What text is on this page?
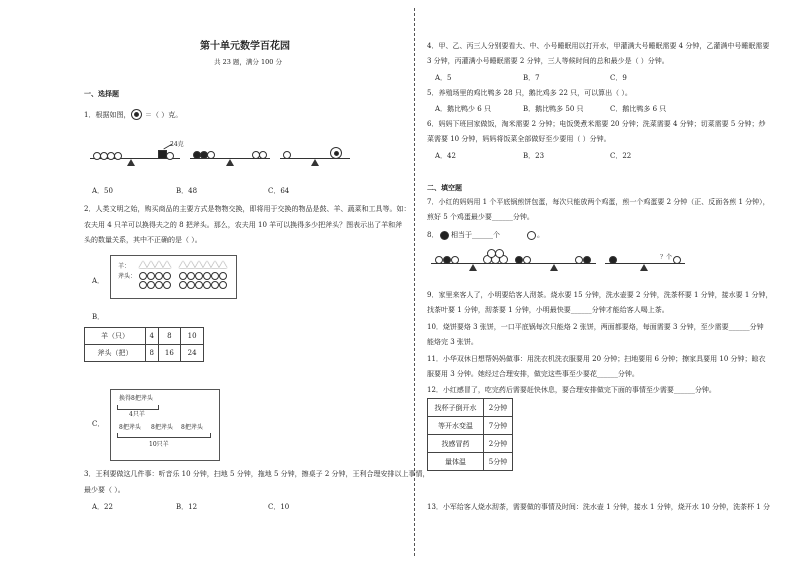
第十单元数学百花园
共 23 题，满分 100 分
一、选择题
1．根据如图， ＝（ ）克。
24克
A．50	B．48	C．64
2．人类文明之始，购买商品的主要方式是物物交换，即将用于交换的物品是鼓、羊、蔬菜和工具等。如：
农夫用 4 只羊可以换得夫之的 8 把斧头。那么，农夫用 10 羊可以换得多少把斧头？图表示出了羊和斧
头的数量关系，其中不正确的是（ ）。
A．
羊：
斧头：
B．
羊（只）	4	8	10
斧头（把）	8	16	24
C．
换得8把斧头
4只羊
8把斧头 8把斧头 8把斧头
10只羊
3．王利要做这几件事：听音乐 10 分钟，扫地 5 分钟，拖地 5 分钟，擦桌子 2 分钟，王利合理安排以上事情，
最少要（ ）。
A．22	B．12	C．10
4．甲、乙、丙三人分别要看大、中、小号睡眠用以打开水，甲灌满大号睡眠需要 4 分钟，乙灌满中号睡眠需要
3 分钟，丙灌满小号睡眠需要 2 分钟，三人等候时间的总和最少是（ ）分钟。
A．5	B．7	C．9
5．养殖场里的鸡比鸭多 28 只，鹅比鸡多 22 只，可以算出（ ）。
A．鹅比鸭少 6 只	B．鹅比鸭多 50 只	C．鹅比鸭多 6 只
6．妈妈下班回家做饭，淘米需要 2 分钟；电饭煲煮米需要 20 分钟；洗菜需要 4 分钟；切菜需要 5 分钟；炒
菜需要 10 分钟，妈妈将饭菜全部做好至少要用（ ）分钟。
A．42	B．23	C．22
二、填空题
7．小红的妈妈用 1 个平底锅煎饼包蛋，每次只能放两个鸡蛋，煎一个鸡蛋要 2 分钟（正、反面各煎 1 分钟），
煎好 5 个鸡蛋最少要______分钟。
8． 相当于______个	。
？个
9．家里来客人了，小明要给客人沏茶。烧水要 15 分钟，洗水壶要 2 分钟，洗茶杯要 1 分钟，接水要 1 分钟，
找茶叶要 1 分钟，沏茶要 1 分钟，小明最快要______分钟才能给客人喝上茶。
10．烧饼要烙 3 张饼，一口平底锅每次只能烙 2 张饼，两面都要烙，每面需要 3 分钟，至少需要______分钟
能烙完 3 张饼。
11．小华双休日想帮妈妈做事：用洗衣机洗衣服要用 20 分钟；扫地要用 6 分钟；擦家具要用 10 分钟；晾衣
服要用 3 分钟。她经过合理安排，做完这些事至少要花______分钟。
12．小红感冒了，吃完药后需要赶快休息，要合理安排做完下面的事情至少需要______分钟。
找杯子倒开水	2分钟
等开水变温	7分钟
找感冒药	2分钟
量体温	5分钟
13．小军给客人烧水沏茶，需要做的事情及时间：洗水壶 1 分钟，接水 1 分钟，烧开水 10 分钟，洗茶杯 1 分
